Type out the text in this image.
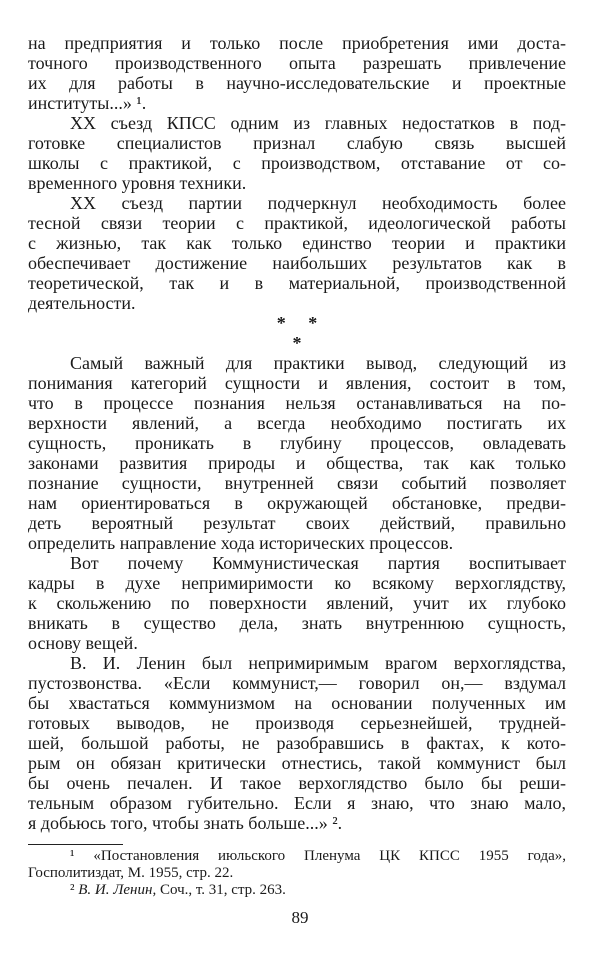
на предприятия и только после приобретения ими доста-
точного производственного опыта разрешать привлечение
их для работы в научно-исследовательские и проектные
институты...» ¹.
XX съезд КПСС одним из главных недостатков в под-
готовке специалистов признал слабую связь высшей
школы с практикой, с производством, отставание от со-
временного уровня техники.
XX съезд партии подчеркнул необходимость более
тесной связи теории с практикой, идеологической работы
с жизнью, так как только единство теории и практики
обеспечивает достижение наибольших результатов как в
теоретической, так и в материальной, производственной
деятельности.
* *
*
Самый важный для практики вывод, следующий из
понимания категорий сущности и явления, состоит в том,
что в процессе познания нельзя останавливаться на по-
верхности явлений, а всегда необходимо постигать их
сущность, проникать в глубину процессов, овладевать
законами развития природы и общества, так как только
познание сущности, внутренней связи событий позволяет
нам ориентироваться в окружающей обстановке, предви-
деть вероятный результат своих действий, правильно
определить направление хода исторических процессов.
Вот почему Коммунистическая партия воспитывает
кадры в духе непримиримости ко всякому верхоглядству,
к скольжению по поверхности явлений, учит их глубоко
вникать в существо дела, знать внутреннюю сущность,
основу вещей.
В. И. Ленин был непримиримым врагом верхоглядства,
пустозвонства. «Если коммунист,— говорил он,— вздумал
бы хвастаться коммунизмом на основании полученных им
готовых выводов, не производя серьезнейшей, трудней-
шей, большой работы, не разобравшись в фактах, к кото-
рым он обязан критически отнестись, такой коммунист был
бы очень печален. И такое верхоглядство было бы реши-
тельным образом губительно. Если я знаю, что знаю мало,
я добьюсь того, чтобы знать больше...» ².
¹ «Постановления июльского Пленума ЦК КПСС 1955 года»,
Госполитиздат, М. 1955, стр. 22.
² В. И. Ленин, Соч., т. 31, стр. 263.
89
